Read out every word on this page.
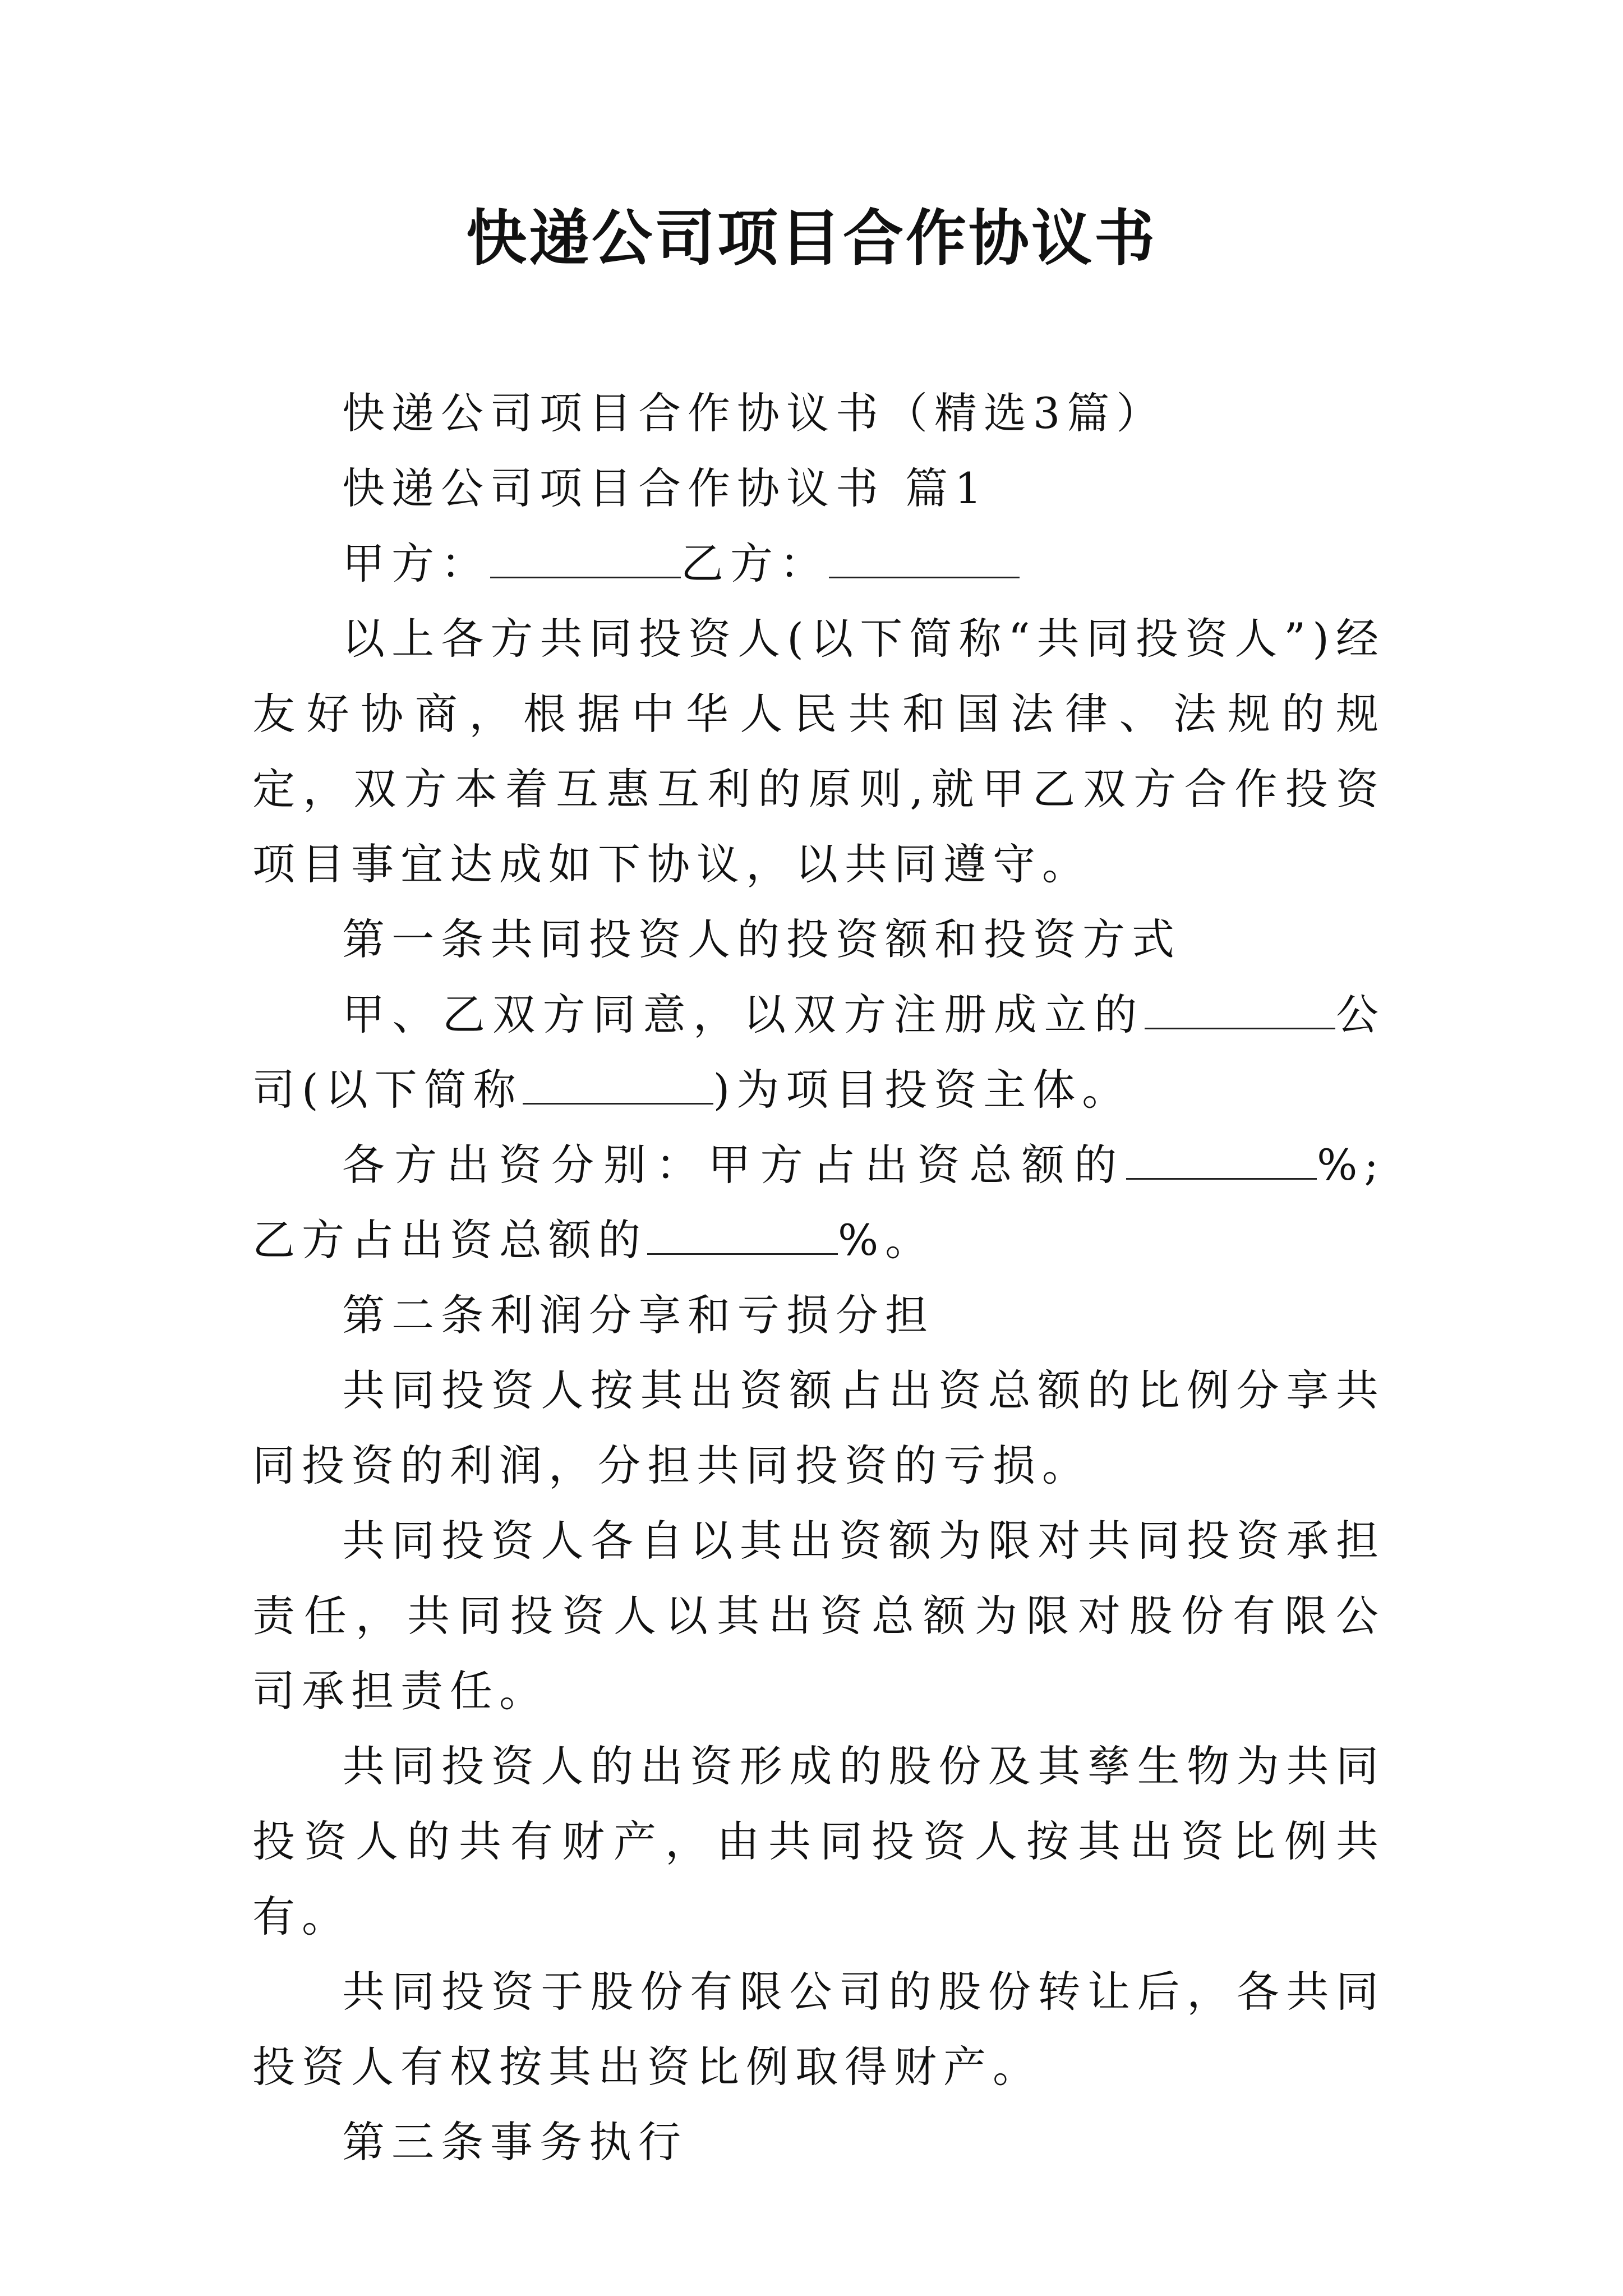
快递公司项目合作协议书

快递公司项目合作协议书（精选3篇）

快递公司项目合作协议书 篇1

甲方：	乙方：

以上各方共同投资人(以下简称“共同投资人”)经友好协商，根据中华人民共和国法律、法规的规定，双方本着互惠互利的原则,就甲乙双方合作投资项目事宜达成如下协议，以共同遵守。

第一条共同投资人的投资额和投资方式

甲、乙双方同意，以双方注册成立的	公司(以下简称	)为项目投资主体。

各方出资分别：甲方占出资总额的	%;乙方占出资总额的	%。

第二条利润分享和亏损分担

共同投资人按其出资额占出资总额的比例分享共同投资的利润，分担共同投资的亏损。

共同投资人各自以其出资额为限对共同投资承担责任，共同投资人以其出资总额为限对股份有限公司承担责任。

共同投资人的出资形成的股份及其孳生物为共同投资人的共有财产，由共同投资人按其出资比例共有。

共同投资于股份有限公司的股份转让后，各共同投资人有权按其出资比例取得财产。

第三条事务执行
